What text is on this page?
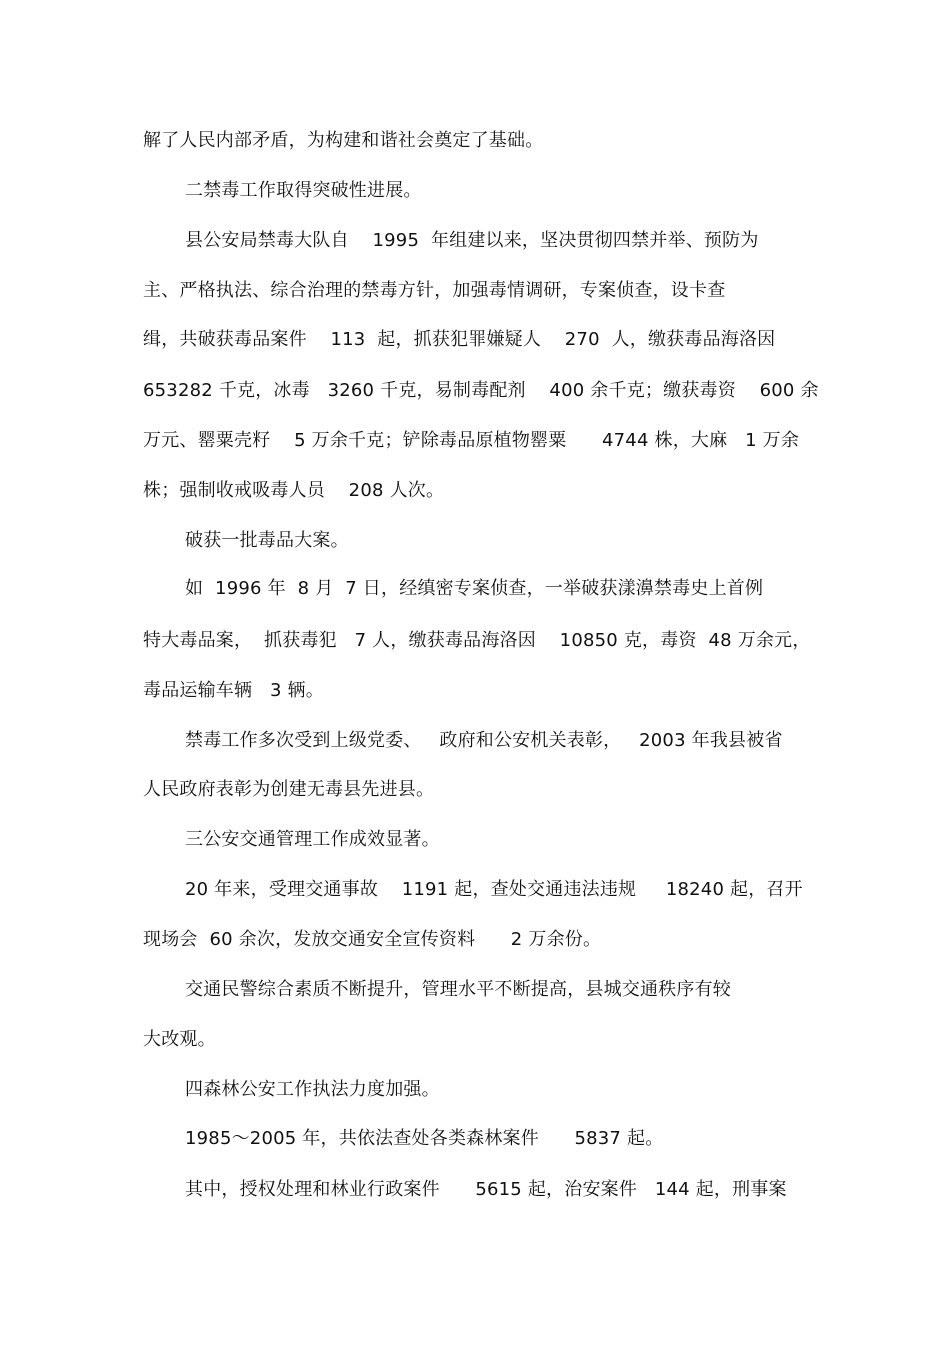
解了人民内部矛盾，为构建和谐社会奠定了基础。
二禁毒工作取得突破性进展。
县公安局禁毒大队自    1995  年组建以来，坚决贯彻四禁并举、预防为
主、严格执法、综合治理的禁毒方针，加强毒情调研，专案侦查，设卡查
缉，共破获毒品案件    113  起，抓获犯罪嫌疑人    270  人，缴获毒品海洛因
653282 千克，冰毒   3260 千克，易制毒配剂    400 余千克；缴获毒资    600 余
万元、罂粟壳籽    5 万余千克；铲除毒品原植物罂粟      4744 株，大麻   1 万余
株；强制收戒吸毒人员    208 人次。
破获一批毒品大案。
如  1996 年  8 月  7 日，经缜密专案侦查，一举破获漾濞禁毒史上首例
特大毒品案，  抓获毒犯   7 人，缴获毒品海洛因    10850 克，毒资  48 万余元，
毒品运输车辆   3 辆。
禁毒工作多次受到上级党委、   政府和公安机关表彰，   2003 年我县被省
人民政府表彰为创建无毒县先进县。
三公安交通管理工作成效显著。
20 年来，受理交通事故    1191 起，查处交通违法违规     18240 起，召开
现场会  60 余次，发放交通安全宣传资料      2 万余份。
交通民警综合素质不断提升，管理水平不断提高，县城交通秩序有较
大改观。
四森林公安工作执法力度加强。
1985～2005 年，共依法查处各类森林案件      5837 起。
其中，授权处理和林业行政案件      5615 起，治安案件   144 起，刑事案
